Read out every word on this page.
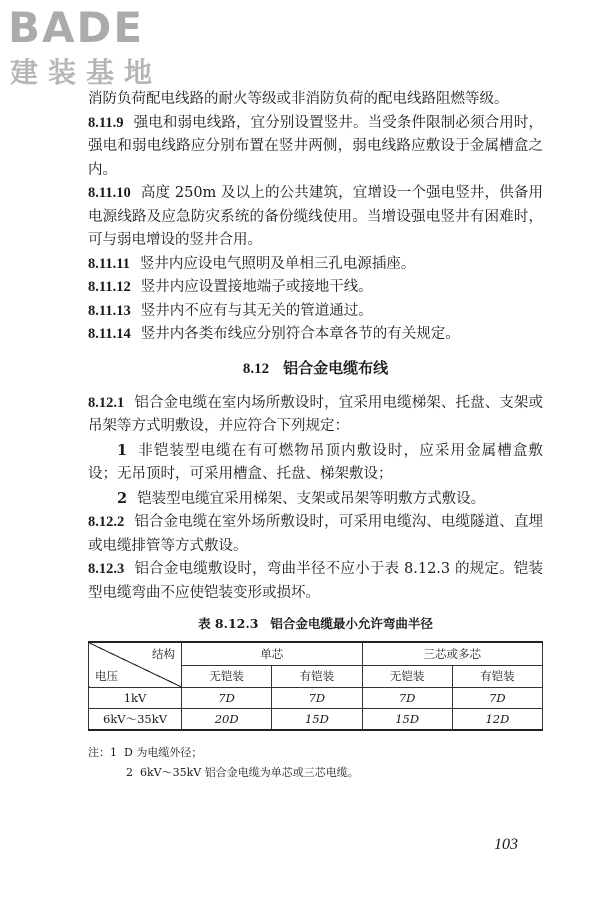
BADE
建装基地

消防负荷配电线路的耐火等级或非消防负荷的配电线路阻燃等级。

8.11.9 强电和弱电线路，宜分别设置竖井。当受条件限制必须合用时，强电和弱电线路应分别布置在竖井两侧，弱电线路应敷设于金属槽盒之内。

8.11.10 高度 250m 及以上的公共建筑，宜增设一个强电竖井，供备用电源线路及应急防灾系统的备份缆线使用。当增设强电竖井有困难时，可与弱电增设的竖井合用。

8.11.11 竖井内应设电气照明及单相三孔电源插座。

8.11.12 竖井内应设置接地端子或接地干线。

8.11.13 竖井内不应有与其无关的管道通过。

8.11.14 竖井内各类布线应分别符合本章各节的有关规定。

8.12 铝合金电缆布线

8.12.1 铝合金电缆在室内场所敷设时，宜采用电缆梯架、托盘、支架或吊架等方式明敷设，并应符合下列规定：

1 非铠装型电缆在有可燃物吊顶内敷设时，应采用金属槽盒敷设；无吊顶时，可采用槽盒、托盘、梯架敷设；

2 铠装型电缆宜采用梯架、支架或吊架等明敷方式敷设。

8.12.2 铝合金电缆在室外场所敷设时，可采用电缆沟、电缆隧道、直埋或电缆排管等方式敷设。

8.12.3 铝合金电缆敷设时，弯曲半径不应小于表 8.12.3 的规定。铠装型电缆弯曲不应使铠装变形或损坏。

表 8.12.3 铝合金电缆最小允许弯曲半径
结构
电压	单芯		三芯或多芯	
	无铠装	有铠装	无铠装	有铠装
1kV	7D	7D	7D	7D
6kV～35kV	20D	15D	15D	12D
注：1 D 为电缆外径；
2 6kV～35kV 铝合金电缆为单芯或三芯电缆。
103
